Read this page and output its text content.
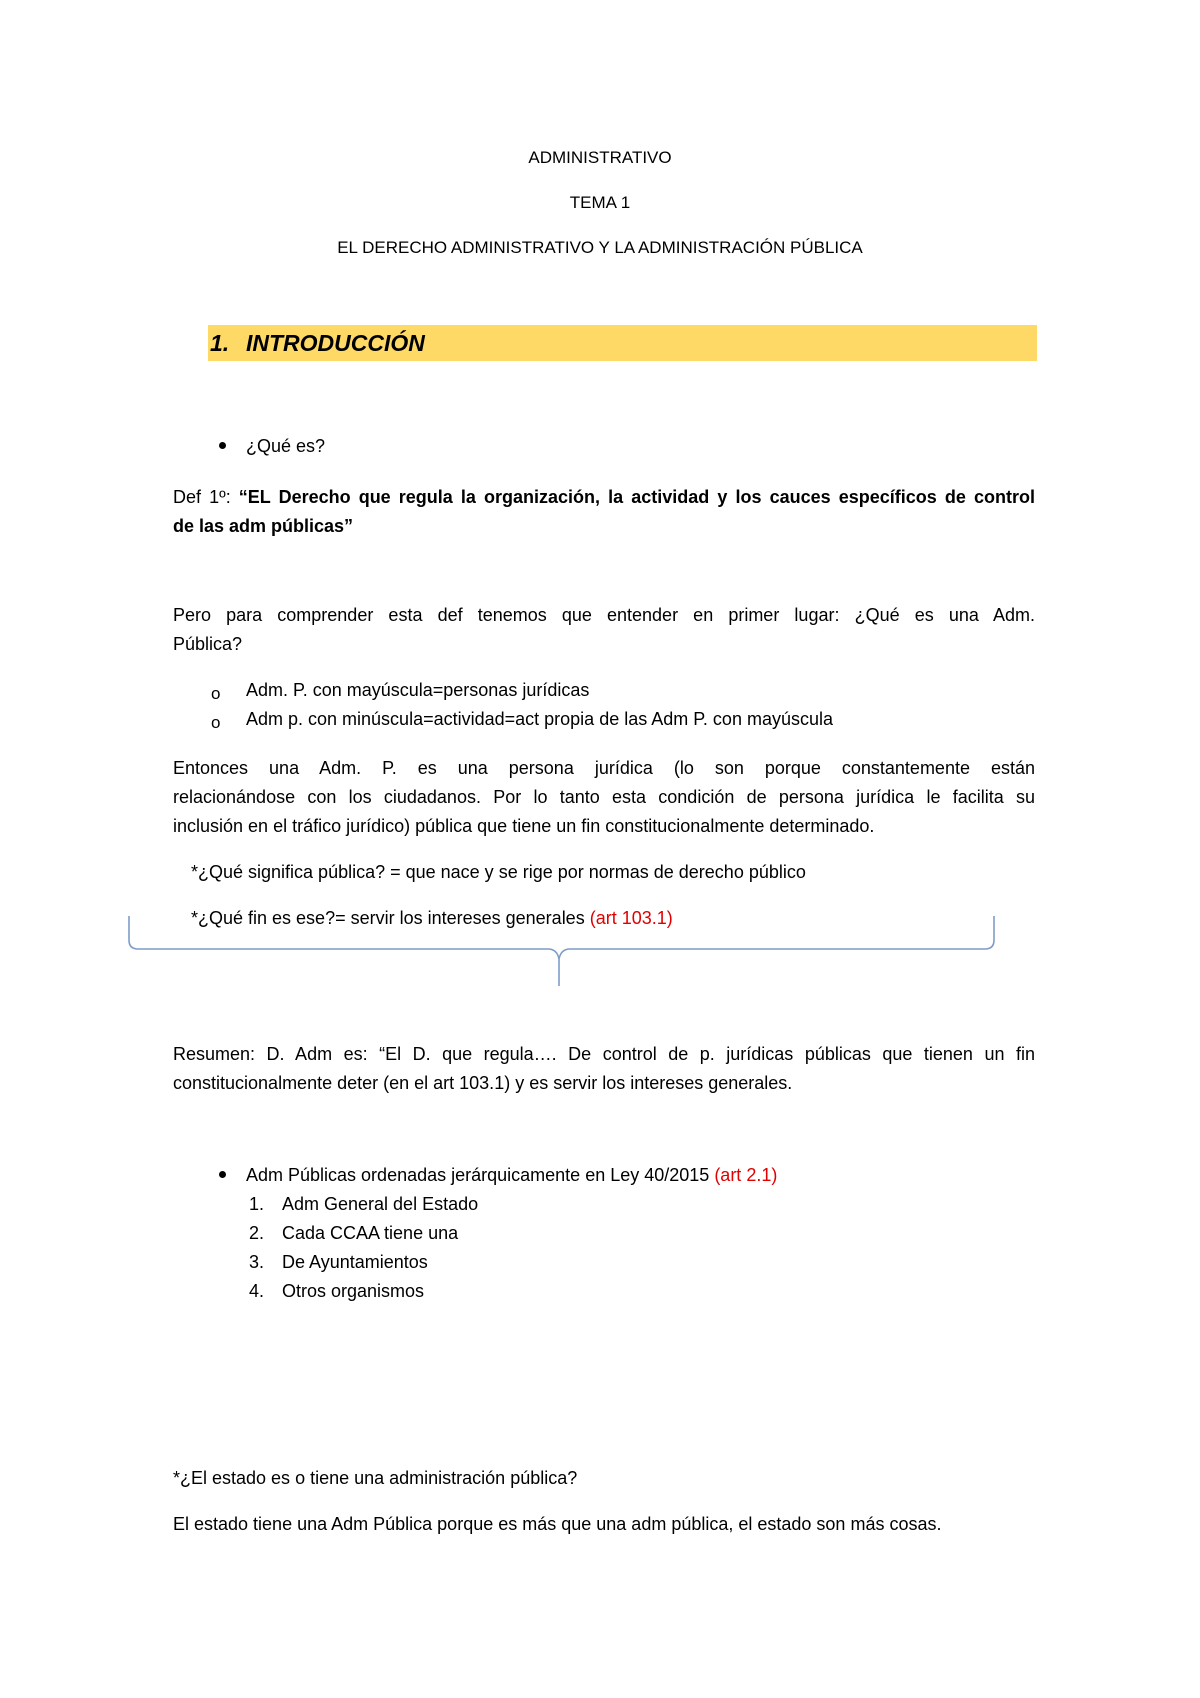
ADMINISTRATIVO
TEMA 1
EL DERECHO ADMINISTRATIVO Y LA ADMINISTRACIÓN PÚBLICA
1. INTRODUCCIÓN
¿Qué es?
Def 1º: “EL Derecho que regula la organización, la actividad y los cauces específicos de control
de las adm públicas”
Pero para comprender esta def tenemos que entender en primer lugar: ¿Qué es una Adm.
Pública?
o Adm. P. con mayúscula=personas jurídicas
o Adm p. con minúscula=actividad=act propia de las Adm P. con mayúscula
Entonces una Adm. P. es una persona jurídica (lo son porque constantemente están
relacionándose con los ciudadanos. Por lo tanto esta condición de persona jurídica le facilita su
inclusión en el tráfico jurídico) pública que tiene un fin constitucionalmente determinado.
*¿Qué significa pública? = que nace y se rige por normas de derecho público
*¿Qué fin es ese?= servir los intereses generales (art 103.1)
Resumen: D. Adm es: “El D. que regula…. De control de p. jurídicas públicas que tienen un fin
constitucionalmente deter (en el art 103.1) y es servir los intereses generales.
Adm Públicas ordenadas jerárquicamente en Ley 40/2015 (art 2.1)
1. Adm General del Estado
2. Cada CCAA tiene una
3. De Ayuntamientos
4. Otros organismos
*¿El estado es o tiene una administración pública?
El estado tiene una Adm Pública porque es más que una adm pública, el estado son más cosas.
